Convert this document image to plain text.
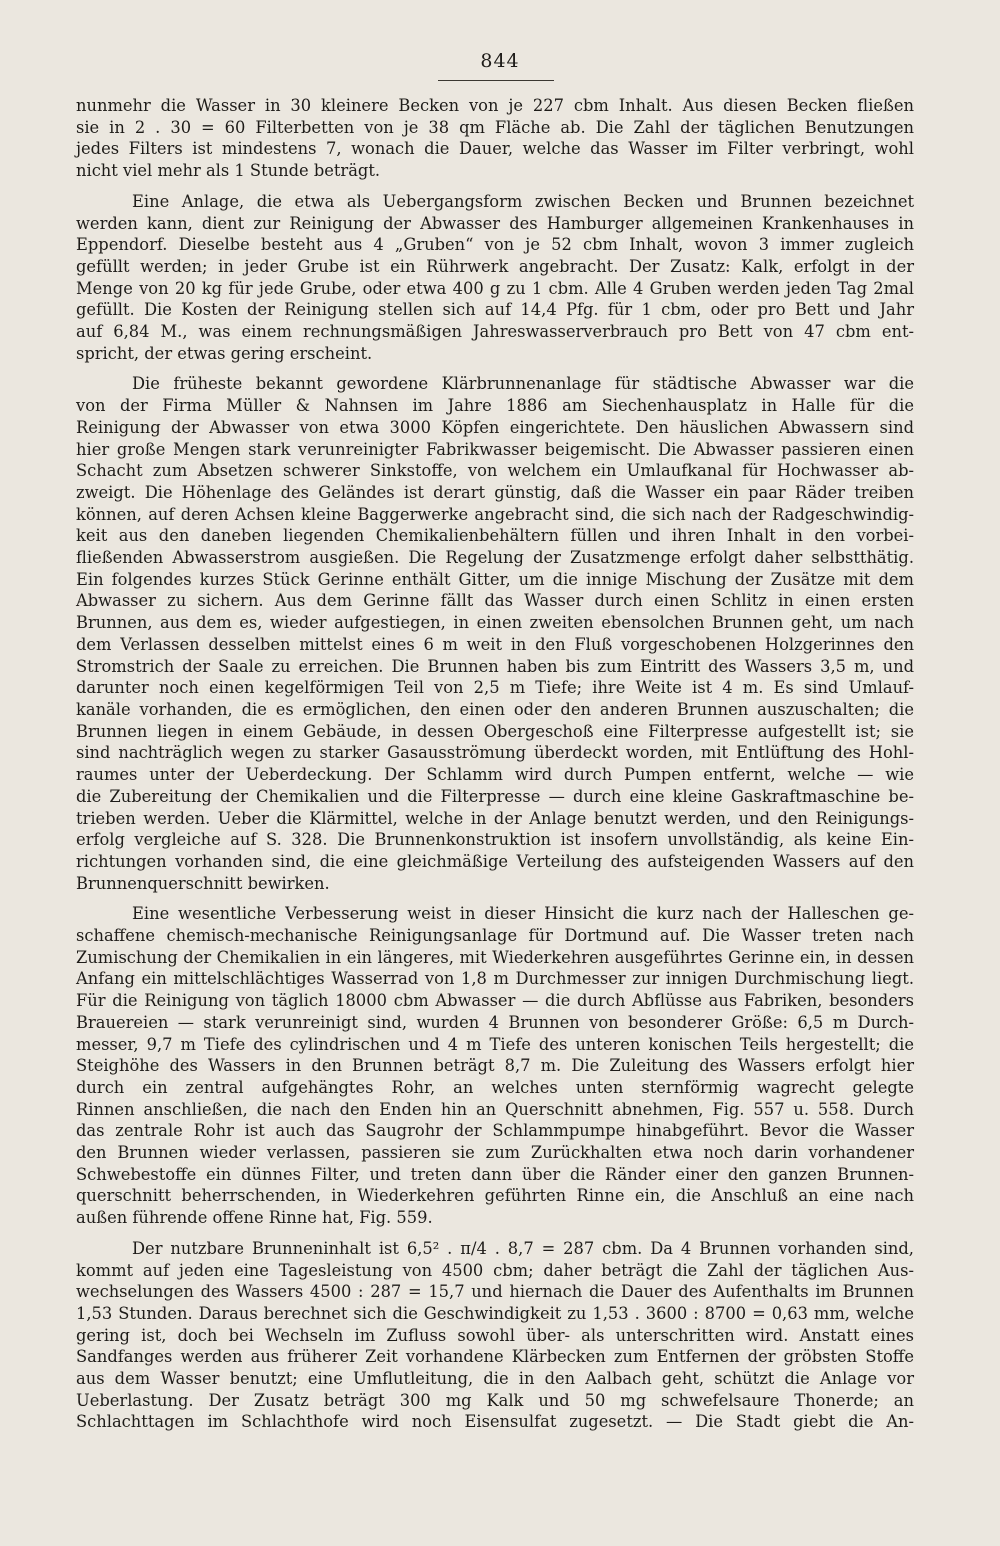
844
nunmehr die Wasser in 30 kleinere Becken von je 227 cbm Inhalt. Aus diesen Becken fließen
sie in 2 . 30 = 60 Filterbetten von je 38 qm Fläche ab. Die Zahl der täglichen Benutzungen
jedes Filters ist mindestens 7, wonach die Dauer, welche das Wasser im Filter verbringt, wohl
nicht viel mehr als 1 Stunde beträgt.
Eine Anlage, die etwa als Uebergangsform zwischen Becken und Brunnen bezeichnet
werden kann, dient zur Reinigung der Abwasser des Hamburger allgemeinen Krankenhauses in
Eppendorf. Dieselbe besteht aus 4 „Gruben“ von je 52 cbm Inhalt, wovon 3 immer zugleich
gefüllt werden; in jeder Grube ist ein Rührwerk angebracht. Der Zusatz: Kalk, erfolgt in der
Menge von 20 kg für jede Grube, oder etwa 400 g zu 1 cbm. Alle 4 Gruben werden jeden Tag 2mal
gefüllt. Die Kosten der Reinigung stellen sich auf 14,4 Pfg. für 1 cbm, oder pro Bett und Jahr
auf 6,84 M., was einem rechnungsmäßigen Jahreswasserverbrauch pro Bett von 47 cbm ent-
spricht, der etwas gering erscheint.
Die früheste bekannt gewordene Klärbrunnenanlage für städtische Abwasser war die
von der Firma Müller & Nahnsen im Jahre 1886 am Siechenhausplatz in Halle für die
Reinigung der Abwasser von etwa 3000 Köpfen eingerichtete. Den häuslichen Abwassern sind
hier große Mengen stark verunreinigter Fabrikwasser beigemischt. Die Abwasser passieren einen
Schacht zum Absetzen schwerer Sinkstoffe, von welchem ein Umlaufkanal für Hochwasser ab-
zweigt. Die Höhenlage des Geländes ist derart günstig, daß die Wasser ein paar Räder treiben
können, auf deren Achsen kleine Baggerwerke angebracht sind, die sich nach der Radgeschwindig-
keit aus den daneben liegenden Chemikalienbehältern füllen und ihren Inhalt in den vorbei-
fließenden Abwasserstrom ausgießen. Die Regelung der Zusatzmenge erfolgt daher selbstthätig.
Ein folgendes kurzes Stück Gerinne enthält Gitter, um die innige Mischung der Zusätze mit dem
Abwasser zu sichern. Aus dem Gerinne fällt das Wasser durch einen Schlitz in einen ersten
Brunnen, aus dem es, wieder aufgestiegen, in einen zweiten ebensolchen Brunnen geht, um nach
dem Verlassen desselben mittelst eines 6 m weit in den Fluß vorgeschobenen Holzgerinnes den
Stromstrich der Saale zu erreichen. Die Brunnen haben bis zum Eintritt des Wassers 3,5 m, und
darunter noch einen kegelförmigen Teil von 2,5 m Tiefe; ihre Weite ist 4 m. Es sind Umlauf-
kanäle vorhanden, die es ermöglichen, den einen oder den anderen Brunnen auszuschalten; die
Brunnen liegen in einem Gebäude, in dessen Obergeschoß eine Filterpresse aufgestellt ist; sie
sind nachträglich wegen zu starker Gasausströmung überdeckt worden, mit Entlüftung des Hohl-
raumes unter der Ueberdeckung. Der Schlamm wird durch Pumpen entfernt, welche — wie
die Zubereitung der Chemikalien und die Filterpresse — durch eine kleine Gaskraftmaschine be-
trieben werden. Ueber die Klärmittel, welche in der Anlage benutzt werden, und den Reinigungs-
erfolg vergleiche auf S. 328. Die Brunnenkonstruktion ist insofern unvollständig, als keine Ein-
richtungen vorhanden sind, die eine gleichmäßige Verteilung des aufsteigenden Wassers auf den
Brunnenquerschnitt bewirken.
Eine wesentliche Verbesserung weist in dieser Hinsicht die kurz nach der Halleschen ge-
schaffene chemisch-mechanische Reinigungsanlage für Dortmund auf. Die Wasser treten nach
Zumischung der Chemikalien in ein längeres, mit Wiederkehren ausgeführtes Gerinne ein, in dessen
Anfang ein mittelschlächtiges Wasserrad von 1,8 m Durchmesser zur innigen Durchmischung liegt.
Für die Reinigung von täglich 18000 cbm Abwasser — die durch Abflüsse aus Fabriken, besonders
Brauereien — stark verunreinigt sind, wurden 4 Brunnen von besonderer Größe: 6,5 m Durch-
messer, 9,7 m Tiefe des cylindrischen und 4 m Tiefe des unteren konischen Teils hergestellt; die
Steighöhe des Wassers in den Brunnen beträgt 8,7 m. Die Zuleitung des Wassers erfolgt hier
durch ein zentral aufgehängtes Rohr, an welches unten sternförmig wagrecht gelegte
Rinnen anschließen, die nach den Enden hin an Querschnitt abnehmen, Fig. 557 u. 558. Durch
das zentrale Rohr ist auch das Saugrohr der Schlammpumpe hinabgeführt. Bevor die Wasser
den Brunnen wieder verlassen, passieren sie zum Zurückhalten etwa noch darin vorhandener
Schwebestoffe ein dünnes Filter, und treten dann über die Ränder einer den ganzen Brunnen-
querschnitt beherrschenden, in Wiederkehren geführten Rinne ein, die Anschluß an eine nach
außen führende offene Rinne hat, Fig. 559.
Der nutzbare Brunneninhalt ist 6,5² . π/4 . 8,7 = 287 cbm. Da 4 Brunnen vorhanden sind,
kommt auf jeden eine Tagesleistung von 4500 cbm; daher beträgt die Zahl der täglichen Aus-
wechselungen des Wassers 4500 : 287 = 15,7 und hiernach die Dauer des Aufenthalts im Brunnen
1,53 Stunden. Daraus berechnet sich die Geschwindigkeit zu 1,53 . 3600 : 8700 = 0,63 mm, welche
gering ist, doch bei Wechseln im Zufluss sowohl über- als unterschritten wird. Anstatt eines
Sandfanges werden aus früherer Zeit vorhandene Klärbecken zum Entfernen der gröbsten Stoffe
aus dem Wasser benutzt; eine Umflutleitung, die in den Aalbach geht, schützt die Anlage vor
Ueberlastung. Der Zusatz beträgt 300 mg Kalk und 50 mg schwefelsaure Thonerde; an
Schlachttagen im Schlachthofe wird noch Eisensulfat zugesetzt. — Die Stadt giebt die An-
